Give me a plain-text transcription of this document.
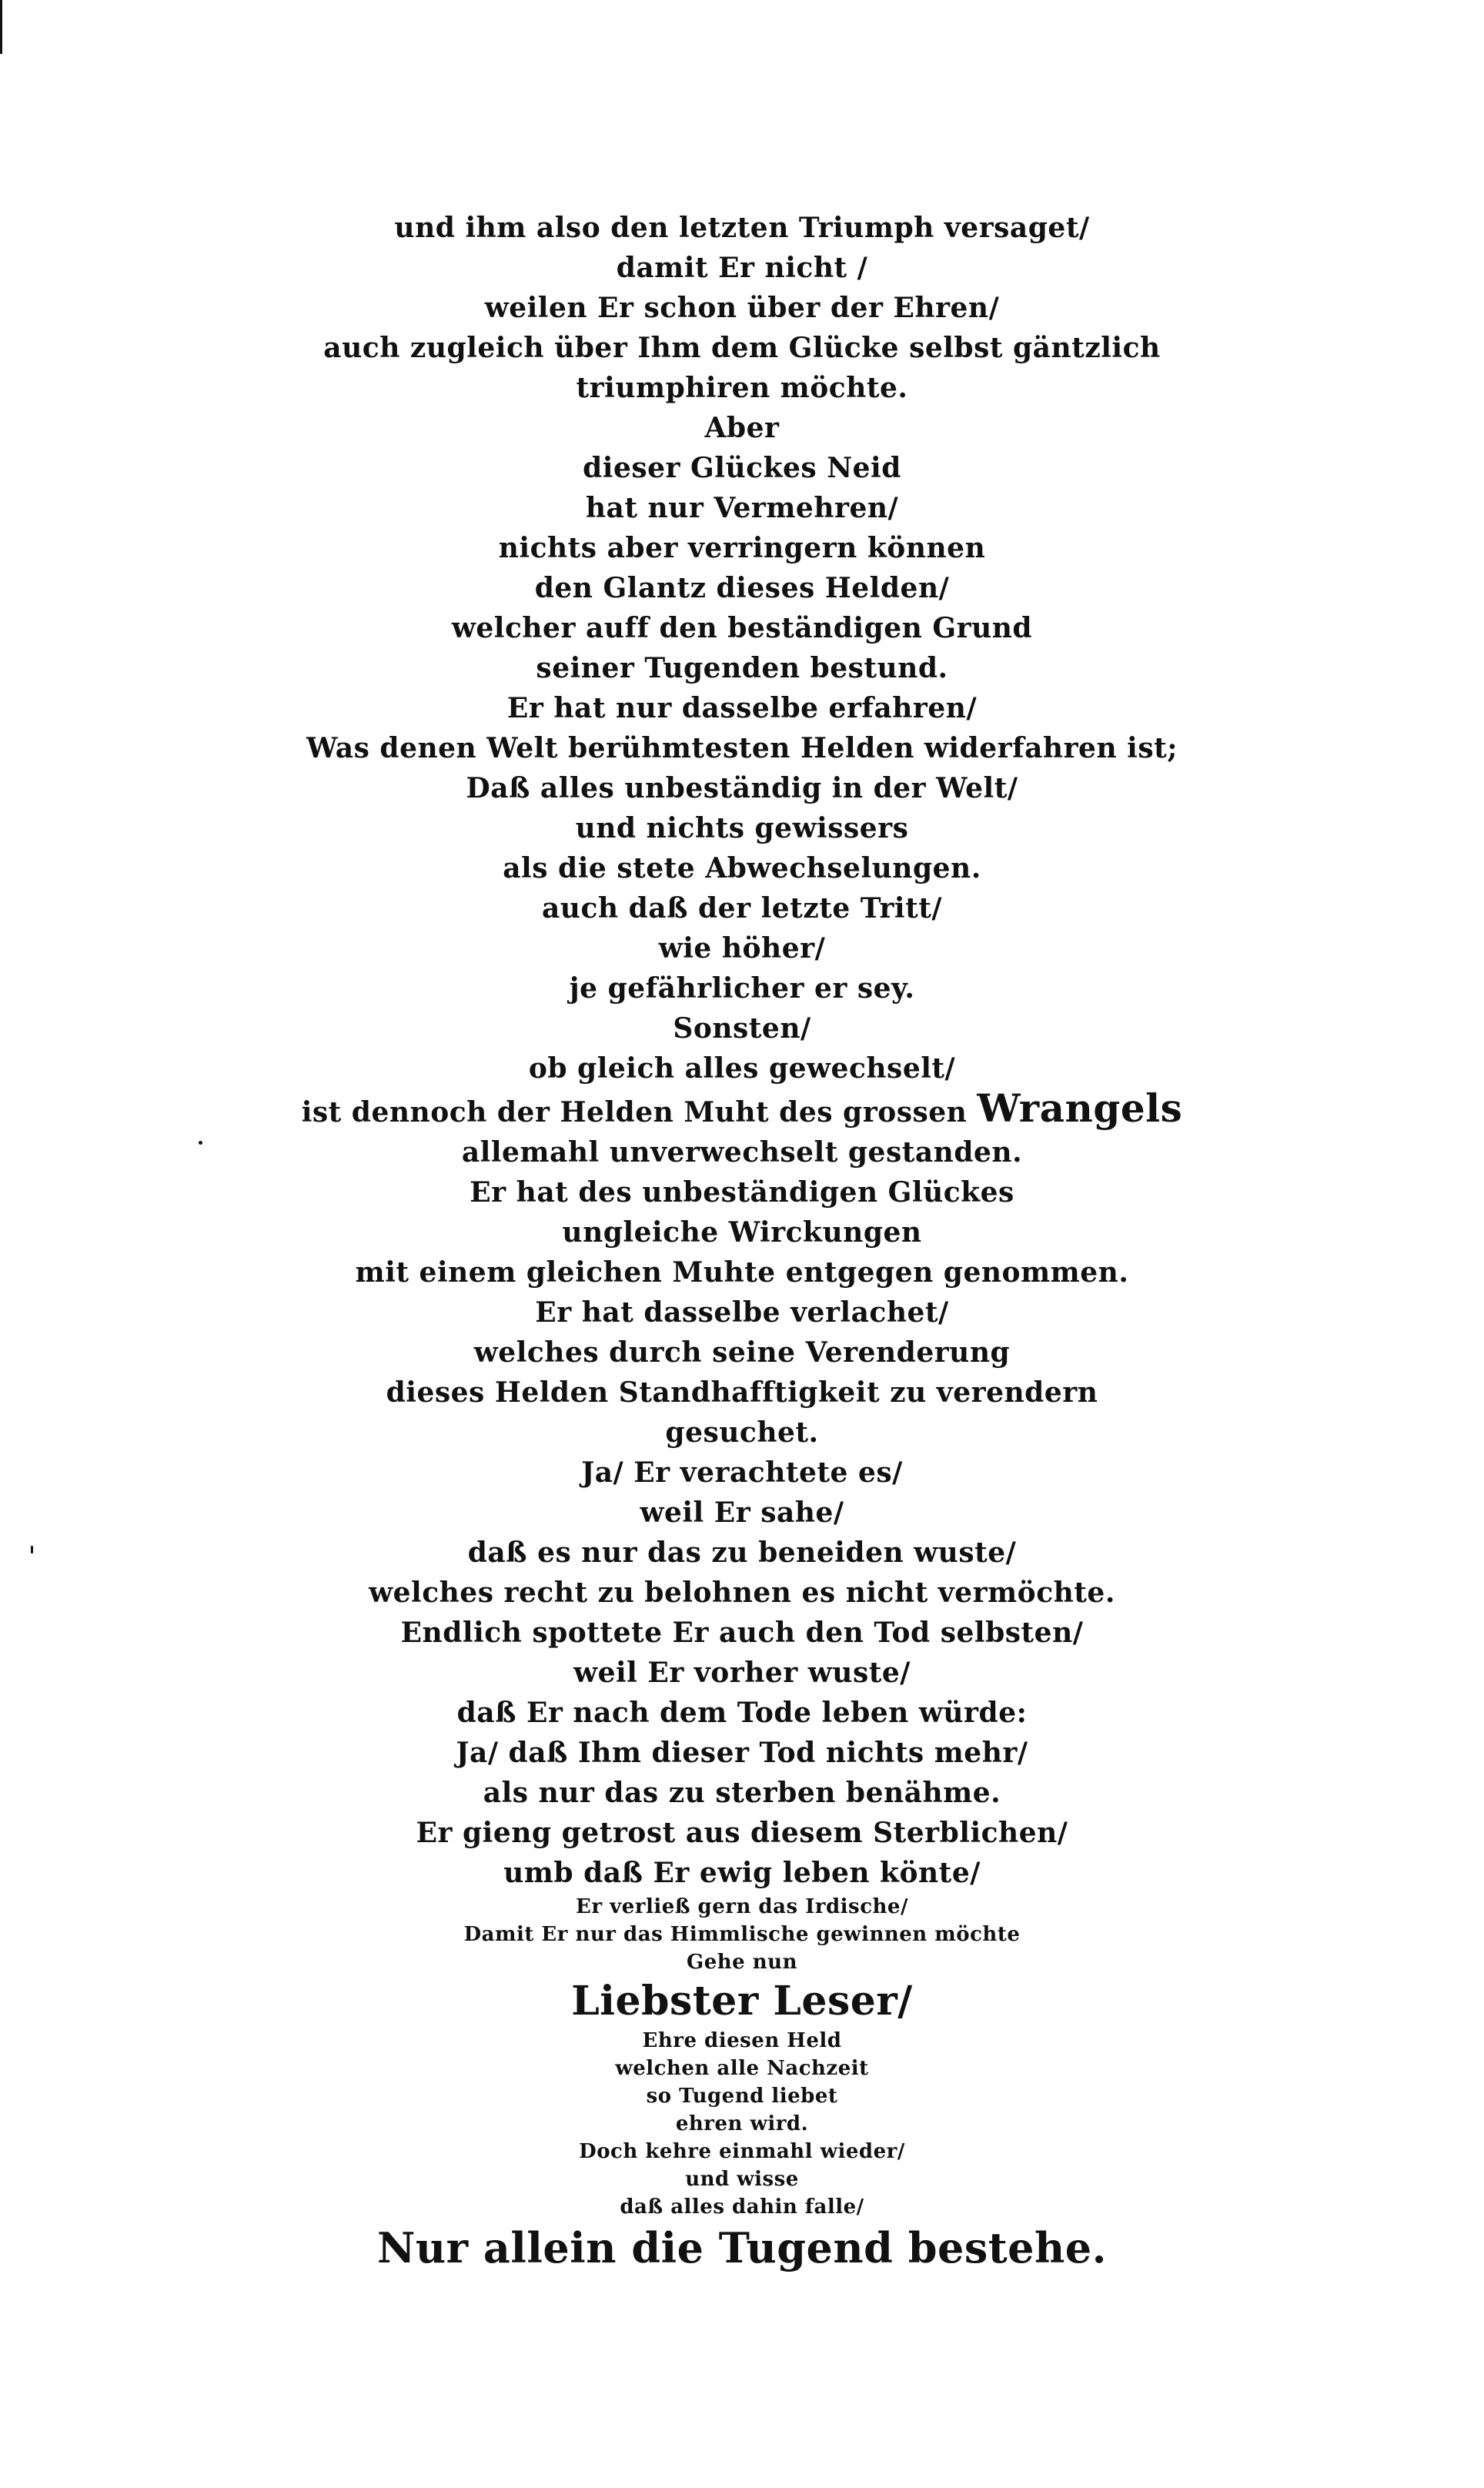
und ihm also den letzten Triumph versaget/
damit Er nicht /
weilen Er schon über der Ehren/
auch zugleich über Ihm dem Glücke selbst gäntzlich
triumphiren möchte.
Aber
dieser Glückes Neid
hat nur Vermehren/
nichts aber verringern können
den Glantz dieses Helden/
welcher auff den beständigen Grund
seiner Tugenden bestund.
Er hat nur dasselbe erfahren/
Was denen Welt berühmtesten Helden widerfahren ist;
Daß alles unbeständig in der Welt/
und nichts gewissers
als die stete Abwechselungen.
auch daß der letzte Tritt/
wie höher/
je gefährlicher er sey.
Sonsten/
ob gleich alles gewechselt/
ist dennoch der Helden Muht des grossen Wrangels
allemahl unverwechselt gestanden.
Er hat des unbeständigen Glückes
ungleiche Wirckungen
mit einem gleichen Muhte entgegen genommen.
Er hat dasselbe verlachet/
welches durch seine Verenderung
dieses Helden Standhafftigkeit zu verendern
gesuchet.
Ja/ Er verachtete es/
weil Er sahe/
daß es nur das zu beneiden wuste/
welches recht zu belohnen es nicht vermöchte.
Endlich spottete Er auch den Tod selbsten/
weil Er vorher wuste/
daß Er nach dem Tode leben würde:
Ja/ daß Ihm dieser Tod nichts mehr/
als nur das zu sterben benähme.
Er gieng getrost aus diesem Sterblichen/
umb daß Er ewig leben könte/
Er verließ gern das Irdische/
Damit Er nur das Himmlische gewinnen möchte
Gehe nun
Liebster Leser/
Ehre diesen Held
welchen alle Nachzeit
so Tugend liebet
ehren wird.
Doch kehre einmahl wieder/
und wisse
daß alles dahin falle/
Nur allein die Tugend bestehe.
